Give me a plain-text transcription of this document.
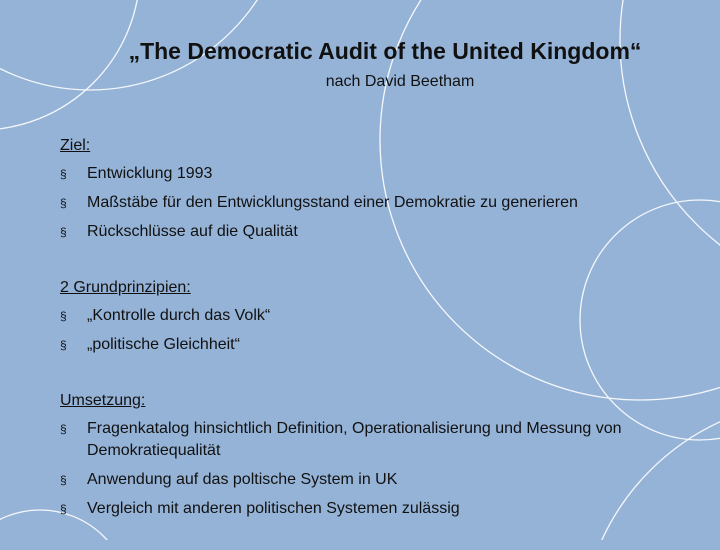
„The Democratic Audit of the United Kingdom“
nach David Beetham
Ziel:
§	Entwicklung 1993
§	Maßstäbe für den Entwicklungsstand einer Demokratie zu generieren
§	Rückschlüsse auf die Qualität
2 Grundprinzipien:
§	„Kontrolle durch das Volk“
§	„politische Gleichheit“
Umsetzung:
§	Fragenkatalog hinsichtlich Definition, Operationalisierung und Messung von Demokratiequalität
§	Anwendung auf das poltische System in UK
§	Vergleich mit anderen politischen Systemen zulässig
